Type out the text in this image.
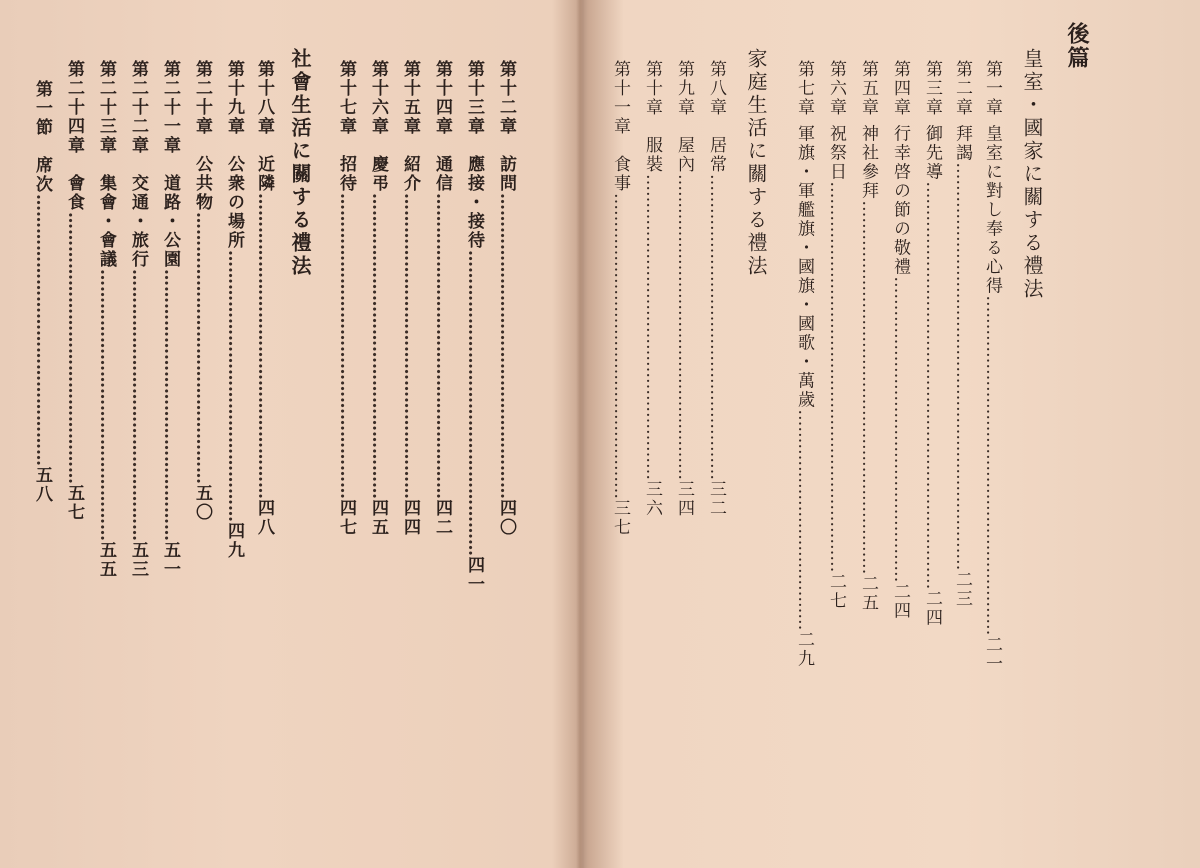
後篇
皇室・國家に關する禮法
第一章 皇室に對し奉る心得……………………………………………………二一
第二章 拜謁………………………………………………………………二三
第三章 御先導………………………………………………………………二四
第四章 行幸啓の節の敬禮………………………………………………二四
第五章 神社參拜…………………………………………………………二五
第六章 祝祭日……………………………………………………………二七
第七章 軍旗・軍艦旗・國旗・國歌・萬歲…………………………………二九
家庭生活に關する禮法
第八章　居常………………………………………………三二
第九章　屋內………………………………………………三四
第十章　服裝………………………………………………三六
第十一章　食事………………………………………………三七
第十二章　訪問………………………………………………四〇
第十三章　應接・接待………………………………………………四一
第十四章　通信………………………………………………四二
第十五章　紹介………………………………………………四四
第十六章　慶弔………………………………………………四五
第十七章　招待………………………………………………四七
社會生活に關する禮法
第十八章　近隣………………………………………………四八
第十九章　公衆の場所…………………………………………四九
第二十章　公共物…………………………………………五〇
第二十一章　道路・公園…………………………………………五一
第二十二章　交通・旅行…………………………………………五三
第二十三章　集會・會議…………………………………………五五
第二十四章　會食…………………………………………五七
第一節　席次…………………………………………五八
